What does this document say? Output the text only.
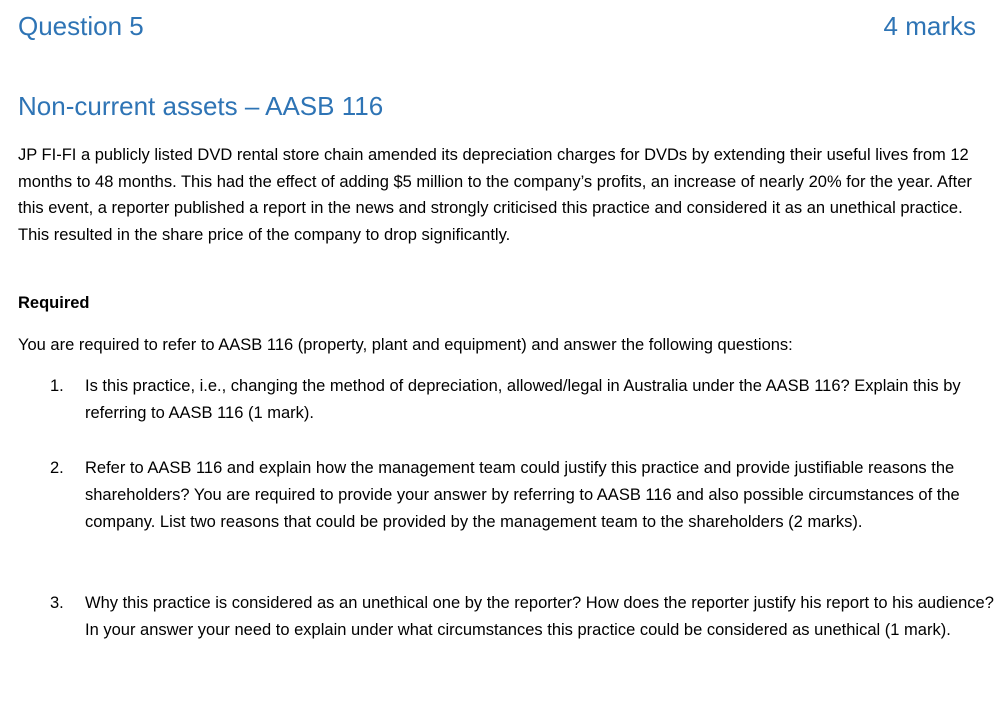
Question 5	4 marks
Non-current assets – AASB 116

JP FI-FI a publicly listed DVD rental store chain amended its depreciation charges for DVDs by extending their useful lives from 12 months to 48 months. This had the effect of adding $5 million to the company’s profits, an increase of nearly 20% for the year. After this event, a reporter published a report in the news and strongly criticised this practice and considered it as an unethical practice. This resulted in the share price of the company to drop significantly.

Required
You are required to refer to AASB 116 (property, plant and equipment) and answer the following questions:
1.	Is this practice, i.e., changing the method of depreciation, allowed/legal in Australia under the AASB 116? Explain this by referring to AASB 116 (1 mark).
2.	Refer to AASB 116 and explain how the management team could justify this practice and provide justifiable reasons the shareholders? You are required to provide your answer by referring to AASB 116 and also possible circumstances of the company. List two reasons that could be provided by the management team to the shareholders (2 marks).
3.	Why this practice is considered as an unethical one by the reporter? How does the reporter justify his report to his audience? In your answer your need to explain under what circumstances this practice could be considered as unethical (1 mark).
